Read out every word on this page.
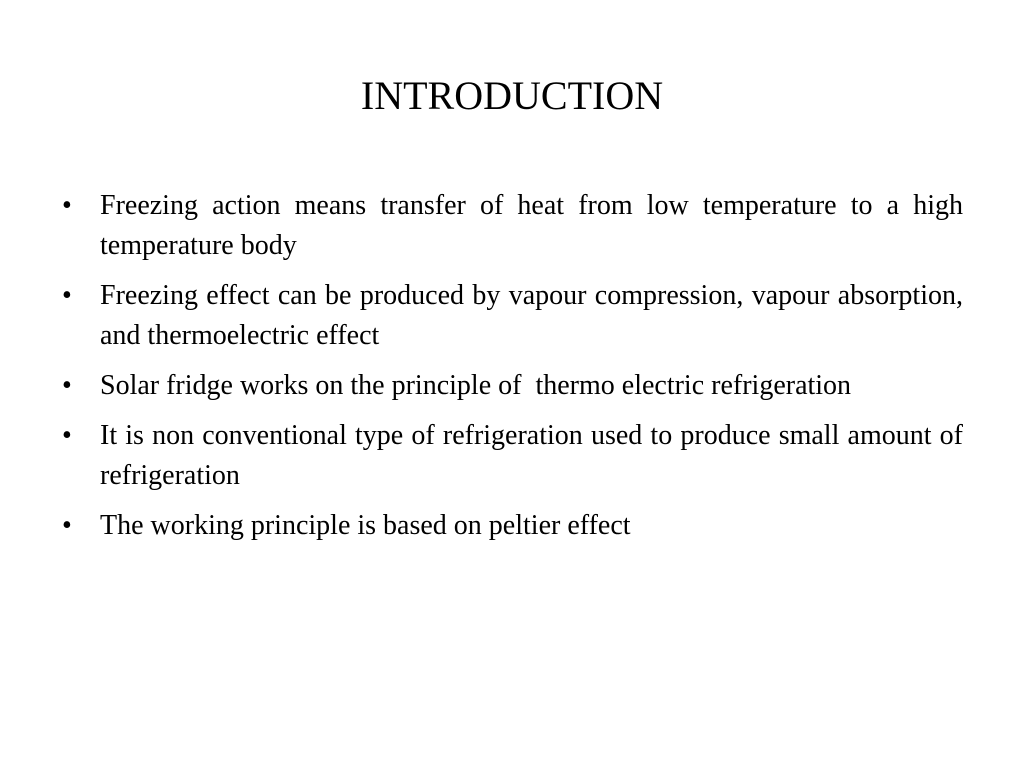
INTRODUCTION
•	Freezing action means transfer of heat from low temperature to a high temperature body
•	Freezing effect can be produced by vapour compression, vapour absorption, and thermoelectric effect
•	Solar fridge works on the principle of  thermo electric refrigeration
•	It is non conventional type of refrigeration used to produce small amount of refrigeration
•	The working principle is based on peltier effect
